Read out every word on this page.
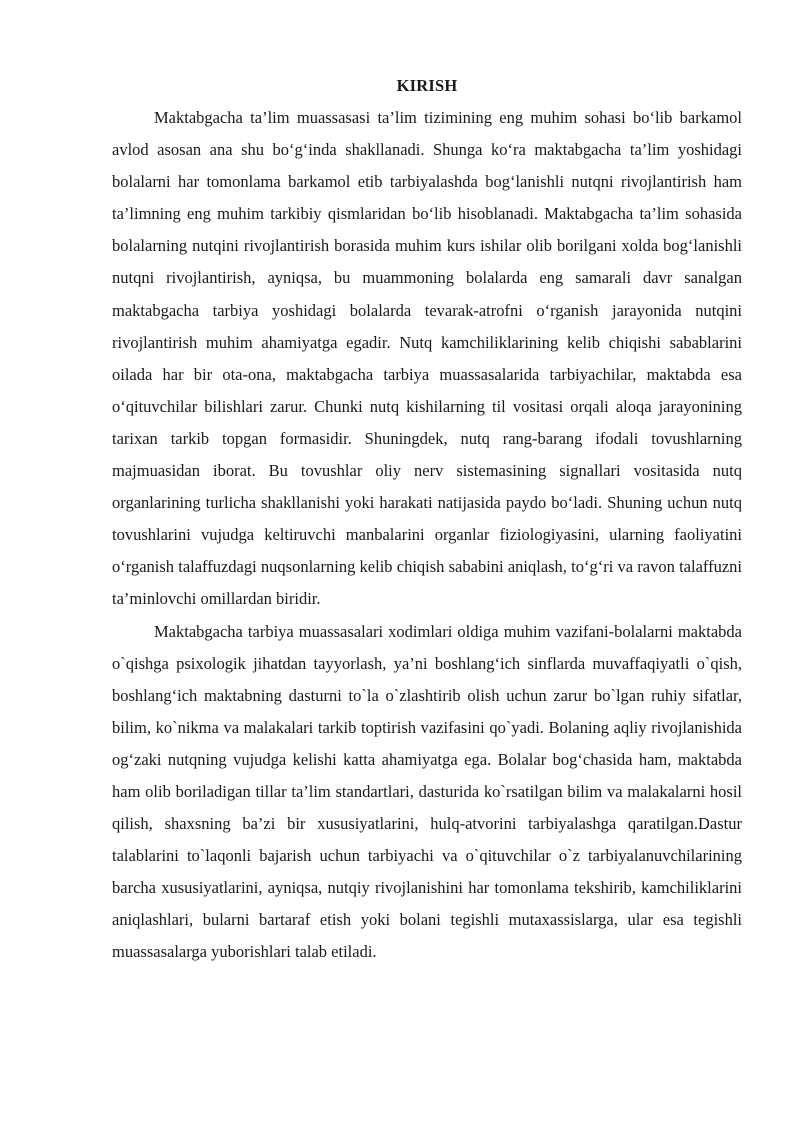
KIRISH

Maktabgacha ta’lim muassasasi ta’lim tizimining eng muhim sohasi bo‘lib barkamol avlod asosan ana shu bo‘g‘inda shakllanadi. Shunga ko‘ra maktabgacha ta’lim yoshidagi bolalarni har tomonlama barkamol etib tarbiyalashda bog‘lanishli nutqni rivojlantirish ham ta’limning eng muhim tarkibiy qismlaridan bo‘lib hisoblanadi. Maktabgacha ta’lim sohasida bolalarning nutqini rivojlantirish borasida muhim kurs ishilar olib borilgani xolda bog‘lanishli nutqni rivojlantirish, ayniqsa, bu muammoning bolalarda eng samarali davr sanalgan maktabgacha tarbiya yoshidagi bolalarda tevarak-atrofni o‘rganish jarayonida nutqini rivojlantirish muhim ahamiyatga egadir. Nutq kamchiliklarining kelib chiqishi sabablarini oilada har bir ota-ona, maktabgacha tarbiya muassasalarida tarbiyachilar, maktabda esa o‘qituvchilar bilishlari zarur. Chunki nutq kishilarning til vositasi orqali aloqa jarayonining tarixan tarkib topgan formasidir. Shuningdek, nutq rang-barang ifodali tovushlarning majmuasidan iborat. Bu tovushlar oliy nerv sistemasining signallari vositasida nutq organlarining turlicha shakllanishi yoki harakati natijasida paydo bo‘ladi. Shuning uchun nutq tovushlarini vujudga keltiruvchi manbalarini organlar fiziologiyasini, ularning faoliyatini o‘rganish talaffuzdagi nuqsonlarning kelib chiqish sababini aniqlash, to‘g‘ri va ravon talaffuzni ta’minlovchi omillardan biridir.

Maktabgacha tarbiya muassasalari xodimlari oldiga muhim vazifani-bolalarni maktabda o`qishga psixologik jihatdan tayyorlash, ya’ni boshlang‘ich sinflarda muvaffaqiyatli o`qish, boshlang‘ich maktabning dasturni to`la o`zlashtirib olish uchun zarur bo`lgan ruhiy sifatlar, bilim, ko`nikma va malakalari tarkib toptirish vazifasini qo`yadi. Bolaning aqliy rivojlanishida og‘zaki nutqning vujudga kelishi katta ahamiyatga ega. Bolalar bog‘chasida ham, maktabda ham olib boriladigan tillar ta’lim standartlari, dasturida ko`rsatilgan bilim va malakalarni hosil qilish, shaxsning ba’zi bir xususiyatlarini, hulq-atvorini tarbiyalashga qaratilgan.Dastur talablarini to`laqonli bajarish uchun tarbiyachi va o`qituvchilar o`z tarbiyalanuvchilarining barcha xususiyatlarini, ayniqsa, nutqiy rivojlanishini har tomonlama tekshirib, kamchiliklarini aniqlashlari, bularni bartaraf etish yoki bolani tegishli mutaxassislarga, ular esa tegishli muassasalarga yuborishlari talab etiladi.
